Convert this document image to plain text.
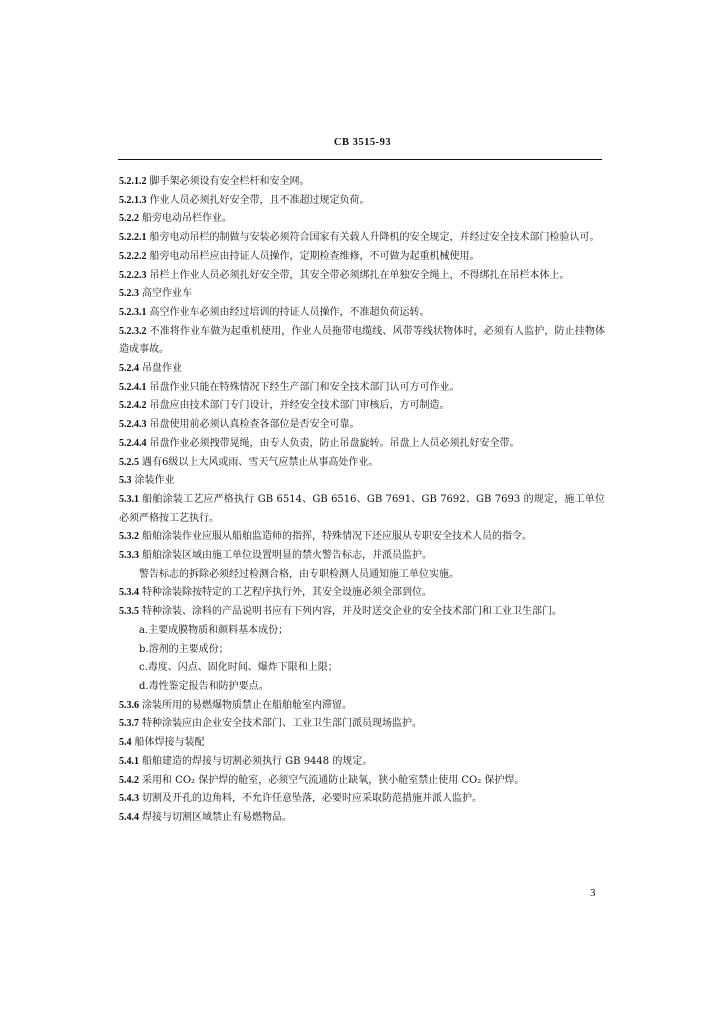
CB 3515-93
5.2.1.2 脚手架必须设有安全栏杆和安全网。
5.2.1.3 作业人员必须扎好安全带，且不准超过规定负荷。
5.2.2 船旁电动吊栏作业。
5.2.2.1 船旁电动吊栏的制做与安装必须符合国家有关载人升降机的安全规定，并经过安全技术部门检验认可。
5.2.2.2 船旁电动吊栏应由持证人员操作，定期检查维修，不可做为起重机械使用。
5.2.2.3 吊栏上作业人员必须扎好安全带，其安全带必须绑扎在单独安全绳上，不得绑扎在吊栏本体上。
5.2.3 高空作业车
5.2.3.1 高空作业车必须由经过培训的持证人员操作，不准超负荷运转。
5.2.3.2 不准将作业车做为起重机使用，作业人员拖带电缆线、风带等线状物体时，必须有人监护，防止挂物体造成事故。
5.2.4 吊盘作业
5.2.4.1 吊盘作业只能在特殊情况下经生产部门和安全技术部门认可方可作业。
5.2.4.2 吊盘应由技术部门专门设计，并经安全技术部门审核后，方可制造。
5.2.4.3 吊盘使用前必须认真检查各部位是否安全可靠。
5.2.4.4 吊盘作业必须拽带晃绳，由专人负责，防止吊盘旋转。吊盘上人员必须扎好安全带。
5.2.5 遇有6级以上大风或雨、雪天气应禁止从事高处作业。
5.3 涂装作业
5.3.1 船舶涂装工艺应严格执行 GB 6514、GB 6516、GB 7691、GB 7692、GB 7693 的规定，施工单位必须严格按工艺执行。
5.3.2 船舶涂装作业应服从船舶监造师的指挥，特殊情况下还应服从专职安全技术人员的指令。
5.3.3 船舶涂装区域由施工单位设置明显的禁火警告标志，并派员监护。
警告标志的拆除必须经过检测合格，由专职检测人员通知施工单位实施。
5.3.4 特种涂装除按特定的工艺程序执行外，其安全设施必须全部到位。
5.3.5 特种涂装、涂料的产品说明书应有下列内容，并及时送交企业的安全技术部门和工业卫生部门。
a.主要成膜物质和颜料基本成份；
b.溶剂的主要成份；
c.毒度、闪点、固化时间、爆炸下限和上限；
d.毒性鉴定报告和防护要点。
5.3.6 涂装所用的易燃爆物质禁止在船舶舱室内滞留。
5.3.7 特种涂装应由企业安全技术部门、工业卫生部门派员现场监护。
5.4 船体焊接与装配
5.4.1 船舶建造的焊接与切割必须执行 GB 9448 的规定。
5.4.2 采用和 CO₂ 保护焊的舱室，必须空气流通防止缺氧，狭小舱室禁止使用 CO₂ 保护焊。
5.4.3 切割及开孔的边角料，不允许任意坠落，必要时应采取防范措施并派人监护。
5.4.4 焊接与切割区域禁止有易燃物品。
3
